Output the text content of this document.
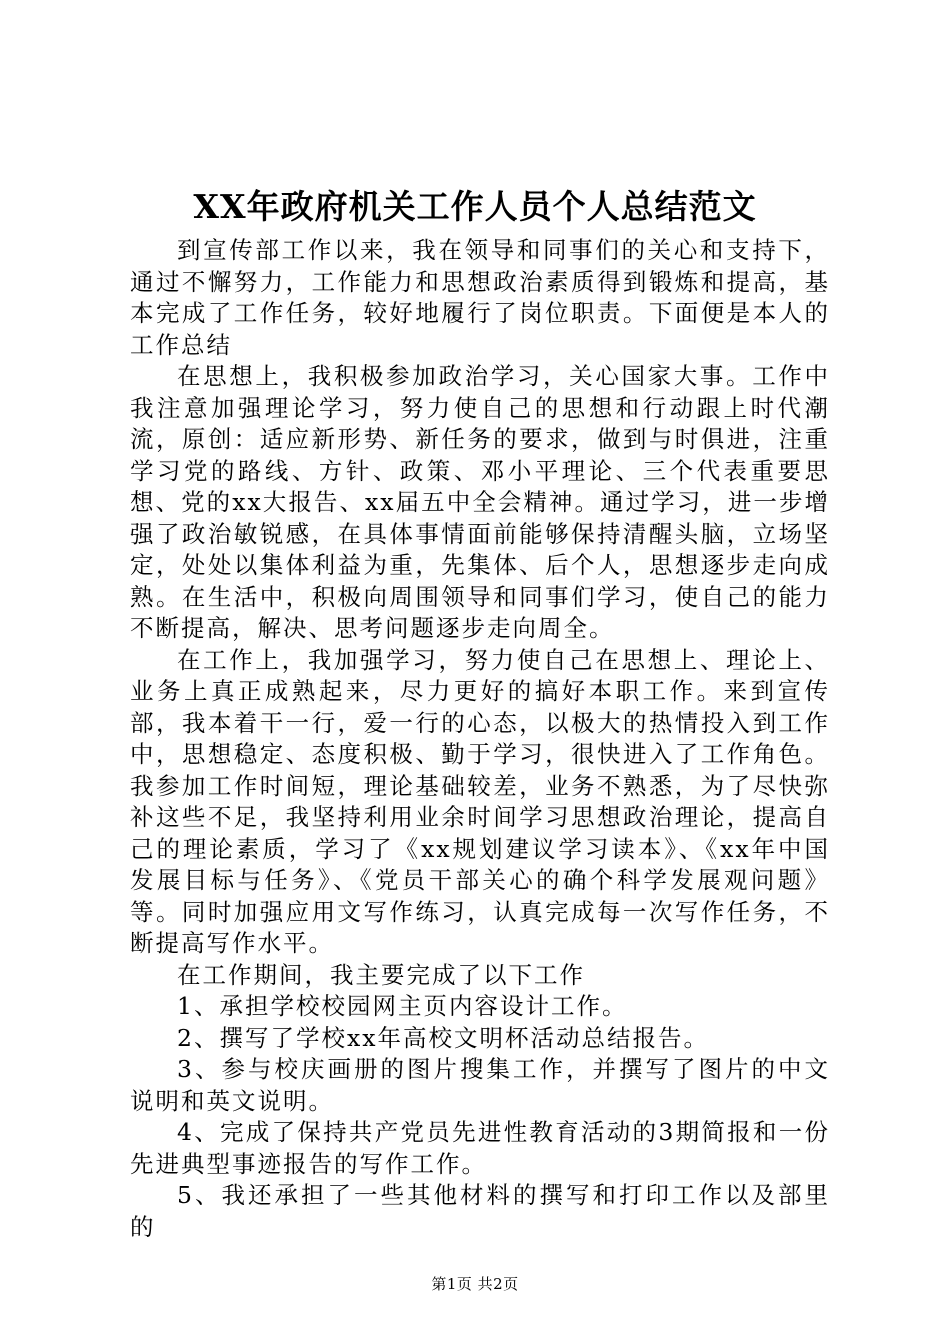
XX年政府机关工作人员个人总结范文

到宣传部工作以来，我在领导和同事们的关心和支持下，通过不懈努力，工作能力和思想政治素质得到锻炼和提高，基本完成了工作任务，较好地履行了岗位职责。下面便是本人的工作总结

在思想上，我积极参加政治学习，关心国家大事。工作中我注意加强理论学习，努力使自己的思想和行动跟上时代潮流，原创：适应新形势、新任务的要求，做到与时俱进，注重学习党的路线、方针、政策、邓小平理论、三个代表重要思想、党的xx大报告、xx届五中全会精神。通过学习，进一步增强了政治敏锐感，在具体事情面前能够保持清醒头脑，立场坚定，处处以集体利益为重，先集体、后个人，思想逐步走向成熟。在生活中，积极向周围领导和同事们学习，使自己的能力不断提高，解决、思考问题逐步走向周全。

在工作上，我加强学习，努力使自己在思想上、理论上、业务上真正成熟起来，尽力更好的搞好本职工作。来到宣传部，我本着干一行，爱一行的心态，以极大的热情投入到工作中，思想稳定、态度积极、勤于学习，很快进入了工作角色。我参加工作时间短，理论基础较差，业务不熟悉，为了尽快弥补这些不足，我坚持利用业余时间学习思想政治理论，提高自己的理论素质，学习了《xx规划建议学习读本》、《xx年中国发展目标与任务》、《党员干部关心的确个科学发展观问题》等。同时加强应用文写作练习，认真完成每一次写作任务，不断提高写作水平。

在工作期间，我主要完成了以下工作

1、承担学校校园网主页内容设计工作。

2、撰写了学校xx年高校文明杯活动总结报告。

3、参与校庆画册的图片搜集工作，并撰写了图片的中文说明和英文说明。

4、完成了保持共产党员先进性教育活动的3期简报和一份先进典型事迹报告的写作工作。

5、我还承担了一些其他材料的撰写和打印工作以及部里的

第1页 共2页
